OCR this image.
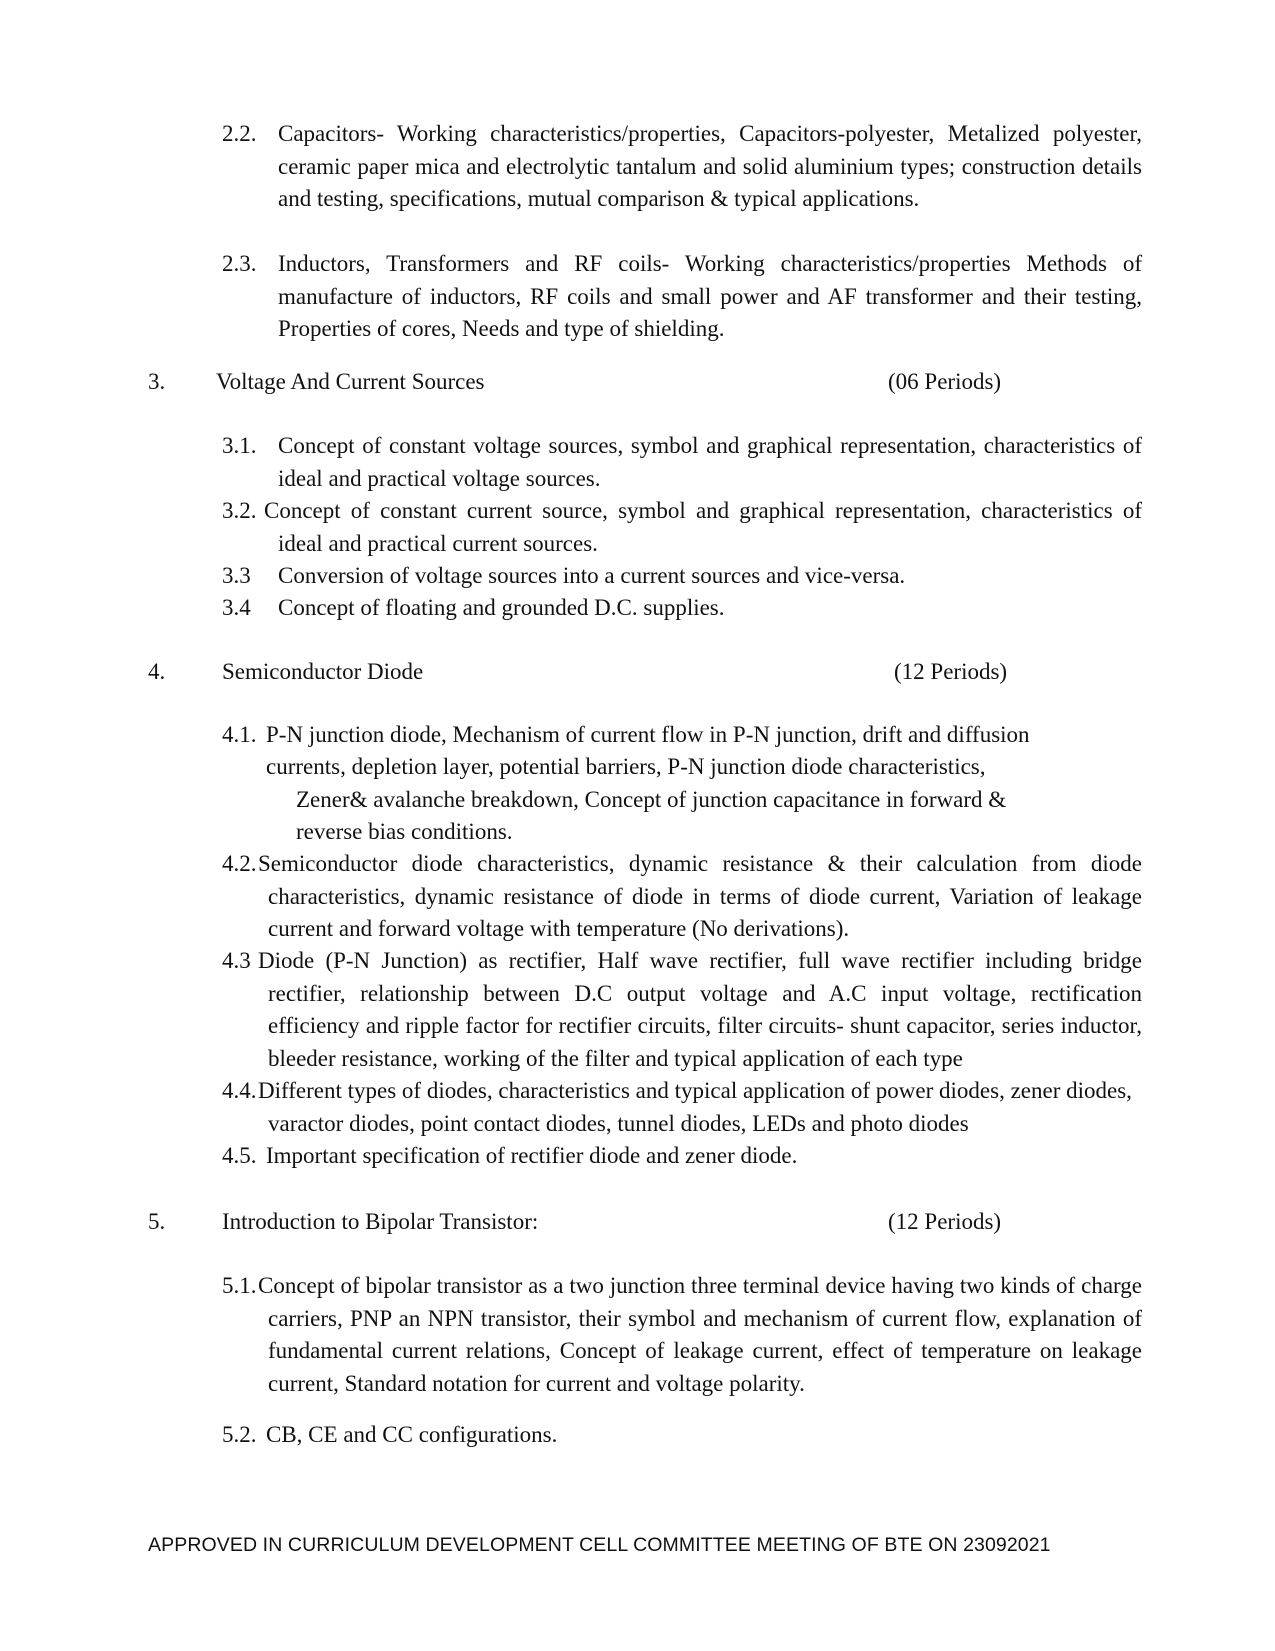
2.2. Capacitors- Working characteristics/properties, Capacitors-polyester, Metalized polyester, ceramic paper mica and electrolytic tantalum and solid aluminium types; construction details and testing, specifications, mutual comparison & typical applications.
2.3. Inductors, Transformers and RF coils- Working characteristics/properties Methods of manufacture of inductors, RF coils and small power and AF transformer and their testing, Properties of cores, Needs and type of shielding.
3. Voltage And Current Sources	(06 Periods)
3.1. Concept of constant voltage sources, symbol and graphical representation, characteristics of ideal and practical voltage sources.
3.2. Concept of constant current source, symbol and graphical representation, characteristics of ideal and practical current sources.
3.3 Conversion of voltage sources into a current sources and vice-versa.
3.4 Concept of floating and grounded D.C. supplies.
4. Semiconductor Diode	(12 Periods)
4.1. P-N junction diode, Mechanism of current flow in P-N junction, drift and diffusion
currents, depletion layer, potential barriers, P-N junction diode characteristics,
Zener& avalanche breakdown, Concept of junction capacitance in forward &
reverse bias conditions.
4.2. Semiconductor diode characteristics, dynamic resistance & their calculation from diode characteristics, dynamic resistance of diode in terms of diode current, Variation of leakage current and forward voltage with temperature (No derivations).
4.3 Diode (P-N Junction) as rectifier, Half wave rectifier, full wave rectifier including bridge rectifier, relationship between D.C output voltage and A.C input voltage, rectification efficiency and ripple factor for rectifier circuits, filter circuits- shunt capacitor, series inductor, bleeder resistance, working of the filter and typical application of each type
4.4. Different types of diodes, characteristics and typical application of power diodes, zener diodes, varactor diodes, point contact diodes, tunnel diodes, LEDs and photo diodes
4.5. Important specification of rectifier diode and zener diode.
5. Introduction to Bipolar Transistor:	(12 Periods)
5.1. Concept of bipolar transistor as a two junction three terminal device having two kinds of charge carriers, PNP an NPN transistor, their symbol and mechanism of current flow, explanation of fundamental current relations, Concept of leakage current, effect of temperature on leakage current, Standard notation for current and voltage polarity.
5.2. CB, CE and CC configurations.
APPROVED IN CURRICULUM DEVELOPMENT CELL COMMITTEE MEETING OF BTE ON 23092021
